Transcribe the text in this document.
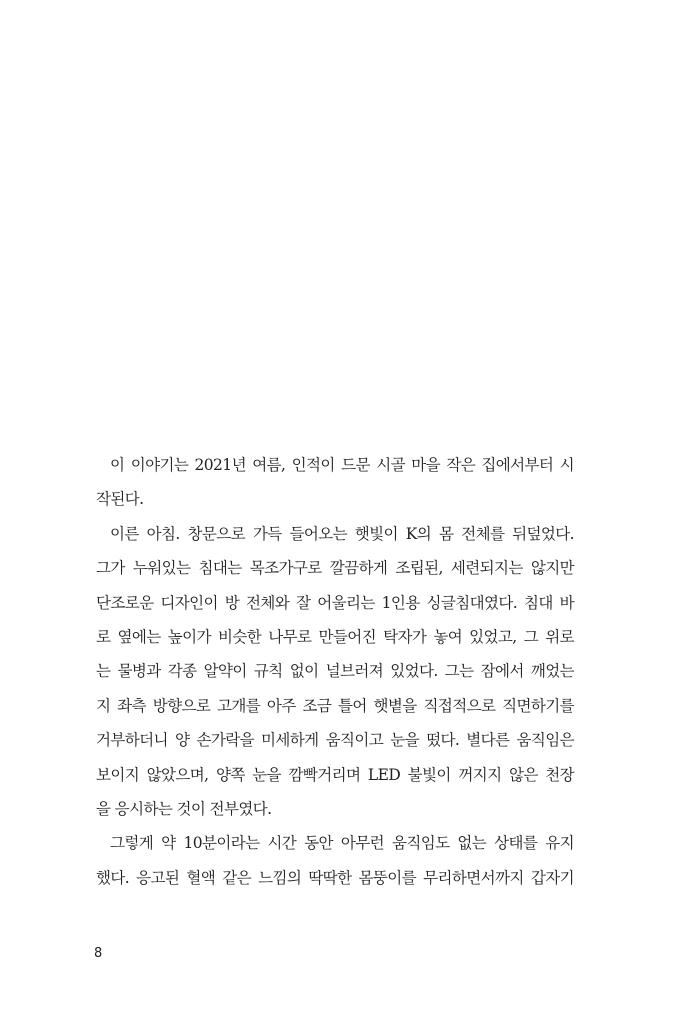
이 이야기는 2021년 여름, 인적이 드문 시골 마을 작은 집에서부터 시
작된다.
이른 아침. 창문으로 가득 들어오는 햇빛이 K의 몸 전체를 뒤덮었다.
그가 누워있는 침대는 목조가구로 깔끔하게 조립된, 세련되지는 않지만
단조로운 디자인이 방 전체와 잘 어울리는 1인용 싱글침대였다. 침대 바
로 옆에는 높이가 비슷한 나무로 만들어진 탁자가 놓여 있었고, 그 위로
는 물병과 각종 알약이 규칙 없이 널브러져 있었다. 그는 잠에서 깨었는
지 좌측 방향으로 고개를 아주 조금 틀어 햇볕을 직접적으로 직면하기를
거부하더니 양 손가락을 미세하게 움직이고 눈을 떴다. 별다른 움직임은
보이지 않았으며, 양쪽 눈을 깜빡거리며 LED 불빛이 꺼지지 않은 천장
을 응시하는 것이 전부였다.
그렇게 약 10분이라는 시간 동안 아무런 움직임도 없는 상태를 유지
했다. 응고된 혈액 같은 느낌의 딱딱한 몸뚱이를 무리하면서까지 갑자기
8
